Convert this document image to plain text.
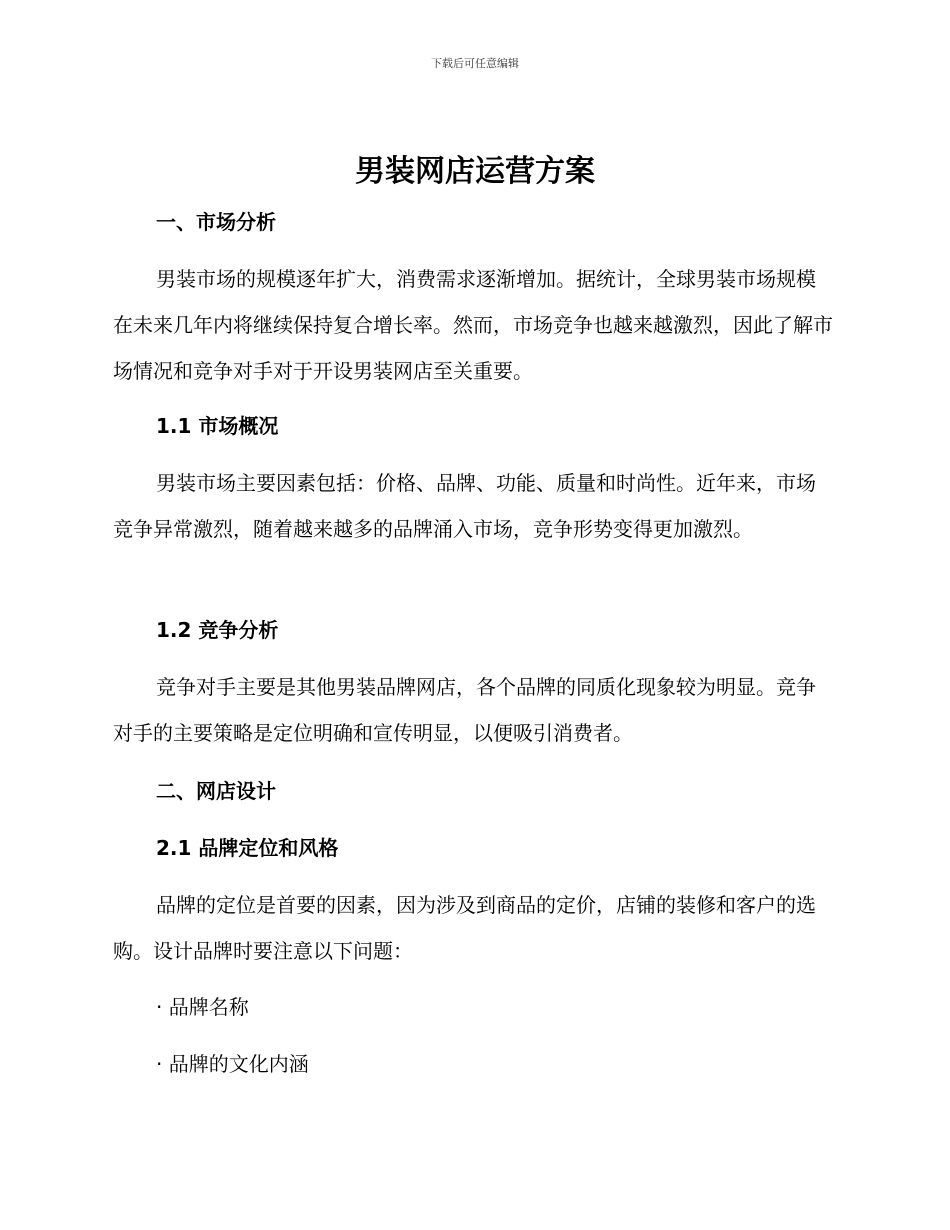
下载后可任意编辑
男装网店运营方案

一、市场分析

男装市场的规模逐年扩大，消费需求逐渐增加。据统计，全球男装市场规模在未来几年内将继续保持复合增长率。然而，市场竞争也越来越激烈，因此了解市场情况和竞争对手对于开设男装网店至关重要。

1.1 市场概况

男装市场主要因素包括：价格、品牌、功能、质量和时尚性。近年来，市场竞争异常激烈，随着越来越多的品牌涌入市场，竞争形势变得更加激烈。

1.2 竞争分析

竞争对手主要是其他男装品牌网店，各个品牌的同质化现象较为明显。竞争对手的主要策略是定位明确和宣传明显，以便吸引消费者。

二、网店设计

2.1 品牌定位和风格

品牌的定位是首要的因素，因为涉及到商品的定价，店铺的装修和客户的选购。设计品牌时要注意以下问题：

· 品牌名称

· 品牌的文化内涵
